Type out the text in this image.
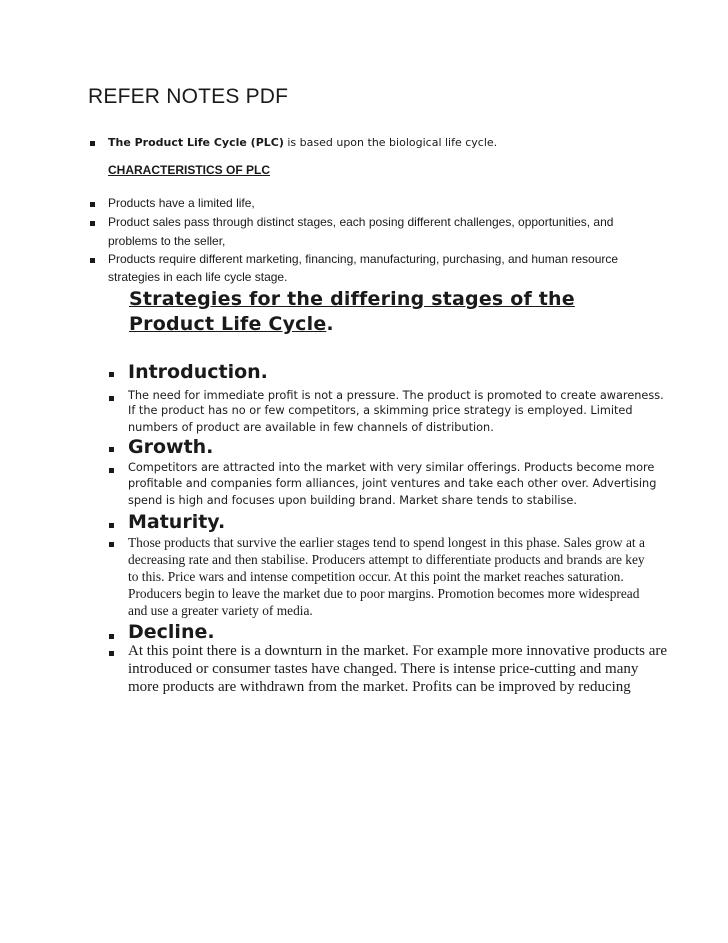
REFER NOTES PDF
The Product Life Cycle (PLC) is based upon the biological life cycle.
CHARACTERISTICS OF PLC
Products have a limited life,
Product sales pass through distinct stages, each posing different challenges, opportunities, and
problems to the seller,
Products require different marketing, financing, manufacturing, purchasing, and human resource
strategies in each life cycle stage.
Strategies for the differing stages of the
Product Life Cycle.
Introduction.
The need for immediate profit is not a pressure. The product is promoted to create awareness.
If the product has no or few competitors, a skimming price strategy is employed. Limited
numbers of product are available in few channels of distribution.
Growth.
Competitors are attracted into the market with very similar offerings. Products become more
profitable and companies form alliances, joint ventures and take each other over. Advertising
spend is high and focuses upon building brand. Market share tends to stabilise.
Maturity.
Those products that survive the earlier stages tend to spend longest in this phase. Sales grow at a
decreasing rate and then stabilise. Producers attempt to differentiate products and brands are key
to this. Price wars and intense competition occur. At this point the market reaches saturation.
Producers begin to leave the market due to poor margins. Promotion becomes more widespread
and use a greater variety of media.
Decline.
At this point there is a downturn in the market. For example more innovative products are
introduced or consumer tastes have changed. There is intense price-cutting and many
more products are withdrawn from the market. Profits can be improved by reducing
